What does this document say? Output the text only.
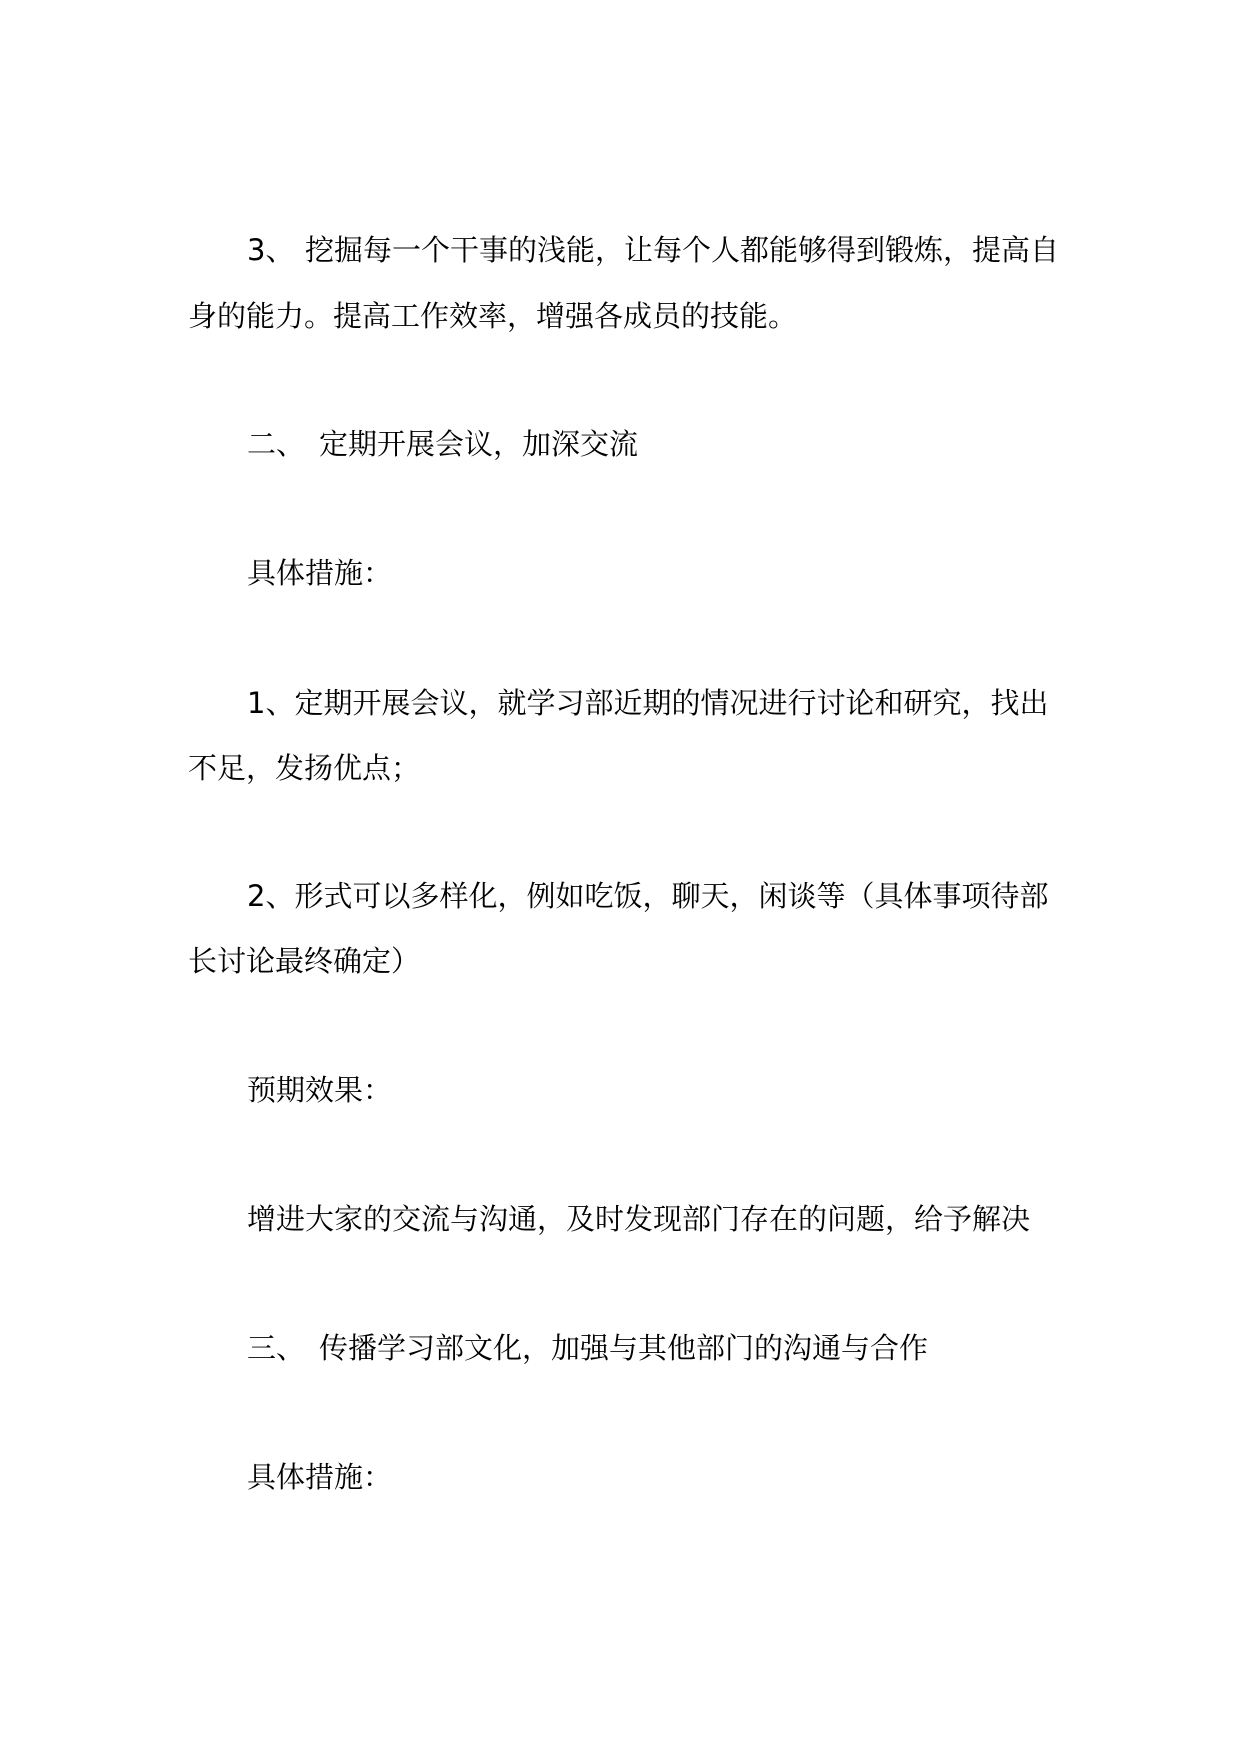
3、 挖掘每一个干事的浅能，让每个人都能够得到锻炼，提高自
身的能力。提高工作效率，增强各成员的技能。
二、 定期开展会议，加深交流
具体措施：
1、定期开展会议，就学习部近期的情况进行讨论和研究，找出
不足，发扬优点；
2、形式可以多样化，例如吃饭，聊天，闲谈等（具体事项待部
长讨论最终确定）
预期效果：
增进大家的交流与沟通，及时发现部门存在的问题，给予解决
三、 传播学习部文化，加强与其他部门的沟通与合作
具体措施：
